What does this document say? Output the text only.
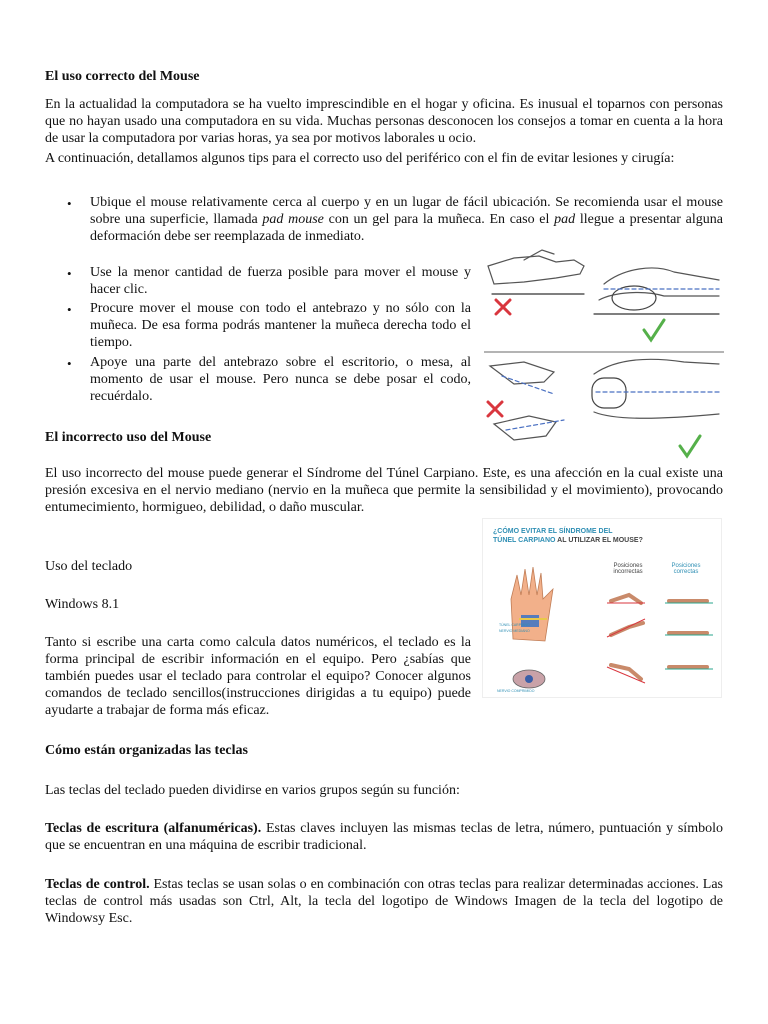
El uso correcto del Mouse
En la actualidad la computadora se ha vuelto imprescindible en el hogar y oficina. Es inusual el toparnos con personas que no hayan usado una computadora en su vida. Muchas personas desconocen los consejos a tomar en cuenta a la hora de usar la computadora por varias horas, ya sea por motivos laborales u ocio.
A continuación, detallamos algunos tips para el correcto uso del periférico con el fin de evitar lesiones y cirugía:
• Ubique el mouse relativamente cerca al cuerpo y en un lugar de fácil ubicación. Se recomienda usar el mouse sobre una superficie, llamada pad mouse con un gel para la muñeca. En caso el pad llegue a presentar alguna deformación debe ser reemplazada de inmediato.
• Use la menor cantidad de fuerza posible para mover el mouse y hacer clic.
• Procure mover el mouse con todo el antebrazo y no sólo con la muñeca. De esa forma podrás mantener la muñeca derecha todo el tiempo.
• Apoye una parte del antebrazo sobre el escritorio, o mesa, al momento de usar el mouse. Pero nunca se debe posar el codo, recuérdalo.
El incorrecto uso del Mouse
El uso incorrecto del mouse puede generar el Síndrome del Túnel Carpiano. Este, es una afección en la cual existe una presión excesiva en el nervio mediano (nervio en la muñeca que permite la sensibilidad y el movimiento), provocando entumecimiento, hormigueo, debilidad, o daño muscular.
¿CÓMO EVITAR EL SÍNDROME DEL
TÚNEL CARPIANO AL UTILIZAR EL MOUSE?
Posiciones incorrectas
Posiciones correctas
TÚNEL CARPIANO
NERVIO MEDIANO
NERVIO COMPRIMIDO
Uso del teclado
Windows 8.1
Tanto si escribe una carta como calcula datos numéricos, el teclado es la forma principal de escribir información en el equipo. Pero ¿sabías que también puedes usar el teclado para controlar el equipo? Conocer algunos comandos de teclado sencillos(instrucciones dirigidas a tu equipo) puede ayudarte a trabajar de forma más eficaz.
Cómo están organizadas las teclas
Las teclas del teclado pueden dividirse en varios grupos según su función:
Teclas de escritura (alfanuméricas). Estas claves incluyen las mismas teclas de letra, número, puntuación y símbolo que se encuentran en una máquina de escribir tradicional.
Teclas de control. Estas teclas se usan solas o en combinación con otras teclas para realizar determinadas acciones. Las teclas de control más usadas son Ctrl, Alt, la tecla del logotipo de Windows Imagen de la tecla del logotipo de Windowsy Esc.
